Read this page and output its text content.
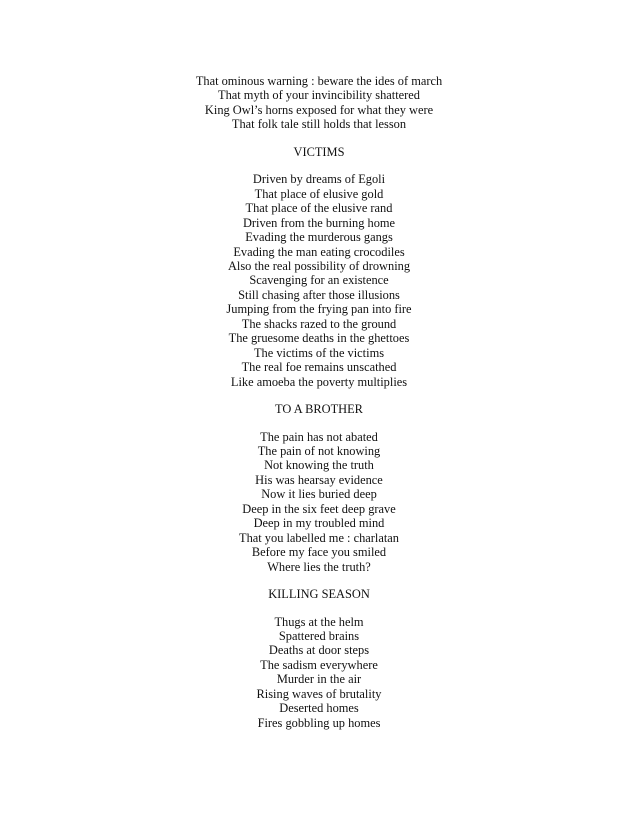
That ominous warning : beware the ides of march
That myth of your invincibility shattered
King Owl’s horns exposed for what they were
That folk tale still holds that lesson
VICTIMS
Driven by dreams of Egoli
That place of elusive gold
That place of the elusive rand
Driven from the burning home
Evading the murderous gangs
Evading the man eating crocodiles
Also the real possibility of drowning
Scavenging for an existence
Still chasing after those illusions
Jumping from the frying pan into fire
The shacks razed to the ground
The gruesome deaths in the ghettoes
The victims of the victims
The real foe remains unscathed
Like amoeba the poverty multiplies
TO A BROTHER
The pain has not abated
The pain of not knowing
Not knowing the truth
His was hearsay evidence
Now it lies buried deep
Deep in the six feet deep grave
Deep in my troubled mind
That you labelled me : charlatan
Before my face you smiled
Where lies the truth?
KILLING SEASON
Thugs at the helm
Spattered brains
Deaths at door steps
The sadism everywhere
Murder in the air
Rising waves of brutality
Deserted homes
Fires gobbling up homes
